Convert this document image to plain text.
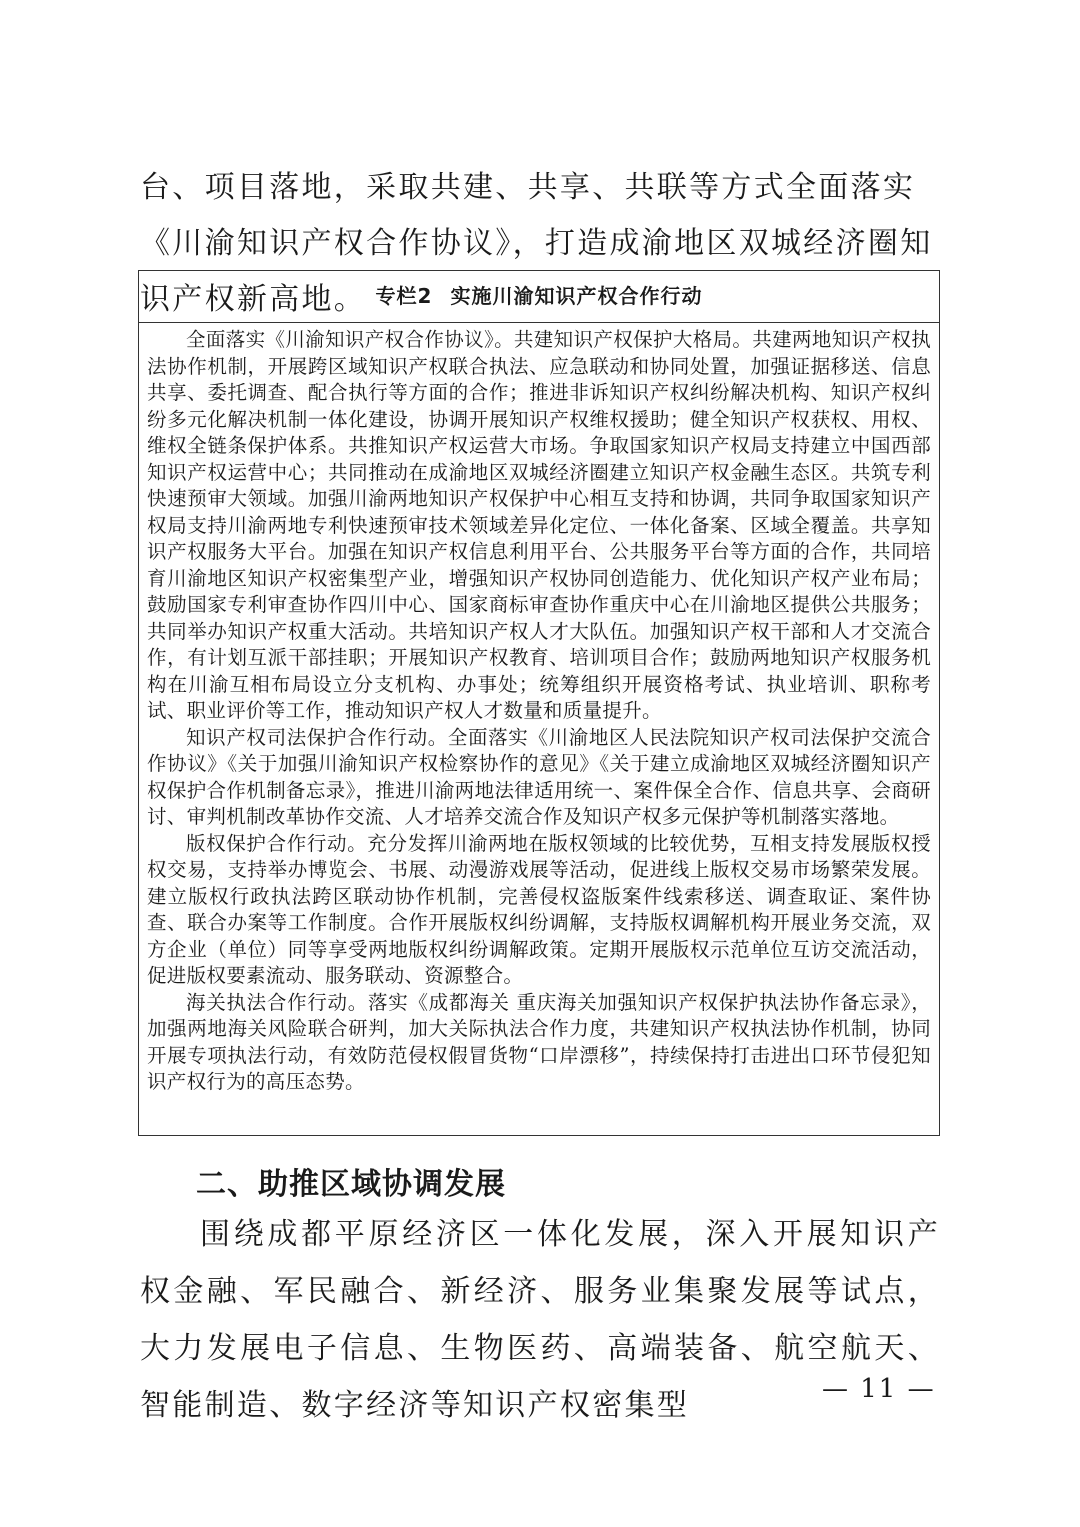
台、项目落地，采取共建、共享、共联等方式全面落实《川渝知识产权合作协议》，打造成渝地区双城经济圈知识产权新高地。 专栏2 实施川渝知识产权合作行动

全面落实《川渝知识产权合作协议》。共建知识产权保护大格局。共建两地知识产权执法协作机制，开展跨区域知识产权联合执法、应急联动和协同处置，加强证据移送、信息共享、委托调查、配合执行等方面的合作；推进非诉知识产权纠纷解决机构、知识产权纠纷多元化解决机制一体化建设，协调开展知识产权维权援助；健全知识产权获权、用权、维权全链条保护体系。共推知识产权运营大市场。争取国家知识产权局支持建立中国西部知识产权运营中心；共同推动在成渝地区双城经济圈建立知识产权金融生态区。共筑专利快速预审大领域。加强川渝两地知识产权保护中心相互支持和协调，共同争取国家知识产权局支持川渝两地专利快速预审技术领域差异化定位、一体化备案、区域全覆盖。共享知识产权服务大平台。加强在知识产权信息利用平台、公共服务平台等方面的合作，共同培育川渝地区知识产权密集型产业，增强知识产权协同创造能力、优化知识产权产业布局；鼓励国家专利审查协作四川中心、国家商标审查协作重庆中心在川渝地区提供公共服务；共同举办知识产权重大活动。共培知识产权人才大队伍。加强知识产权干部和人才交流合作，有计划互派干部挂职；开展知识产权教育、培训项目合作；鼓励两地知识产权服务机构在川渝互相布局设立分支机构、办事处；统筹组织开展资格考试、执业培训、职称考试、职业评价等工作，推动知识产权人才数量和质量提升。

知识产权司法保护合作行动。全面落实《川渝地区人民法院知识产权司法保护交流合作协议》《关于加强川渝知识产权检察协作的意见》《关于建立成渝地区双城经济圈知识产权保护合作机制备忘录》，推进川渝两地法律适用统一、案件保全合作、信息共享、会商研讨、审判机制改革协作交流、人才培养交流合作及知识产权多元保护等机制落实落地。

版权保护合作行动。充分发挥川渝两地在版权领域的比较优势，互相支持发展版权授权交易，支持举办博览会、书展、动漫游戏展等活动，促进线上版权交易市场繁荣发展。建立版权行政执法跨区联动协作机制，完善侵权盗版案件线索移送、调查取证、案件协查、联合办案等工作制度。合作开展版权纠纷调解，支持版权调解机构开展业务交流，双方企业（单位）同等享受两地版权纠纷调解政策。定期开展版权示范单位互访交流活动，促进版权要素流动、服务联动、资源整合。

海关执法合作行动。落实《成都海关 重庆海关加强知识产权保护执法协作备忘录》，加强两地海关风险联合研判，加大关际执法合作力度，共建知识产权执法协作机制，协同开展专项执法行动，有效防范侵权假冒货物“口岸漂移”，持续保持打击进出口环节侵犯知识产权行为的高压态势。

二、助推区域协调发展

围绕成都平原经济区一体化发展，深入开展知识产权金融、军民融合、新经济、服务业集聚发展等试点，大力发展电子信息、生物医药、高端装备、航空航天、智能制造、数字经济等知识产权密集型	— 11 —
